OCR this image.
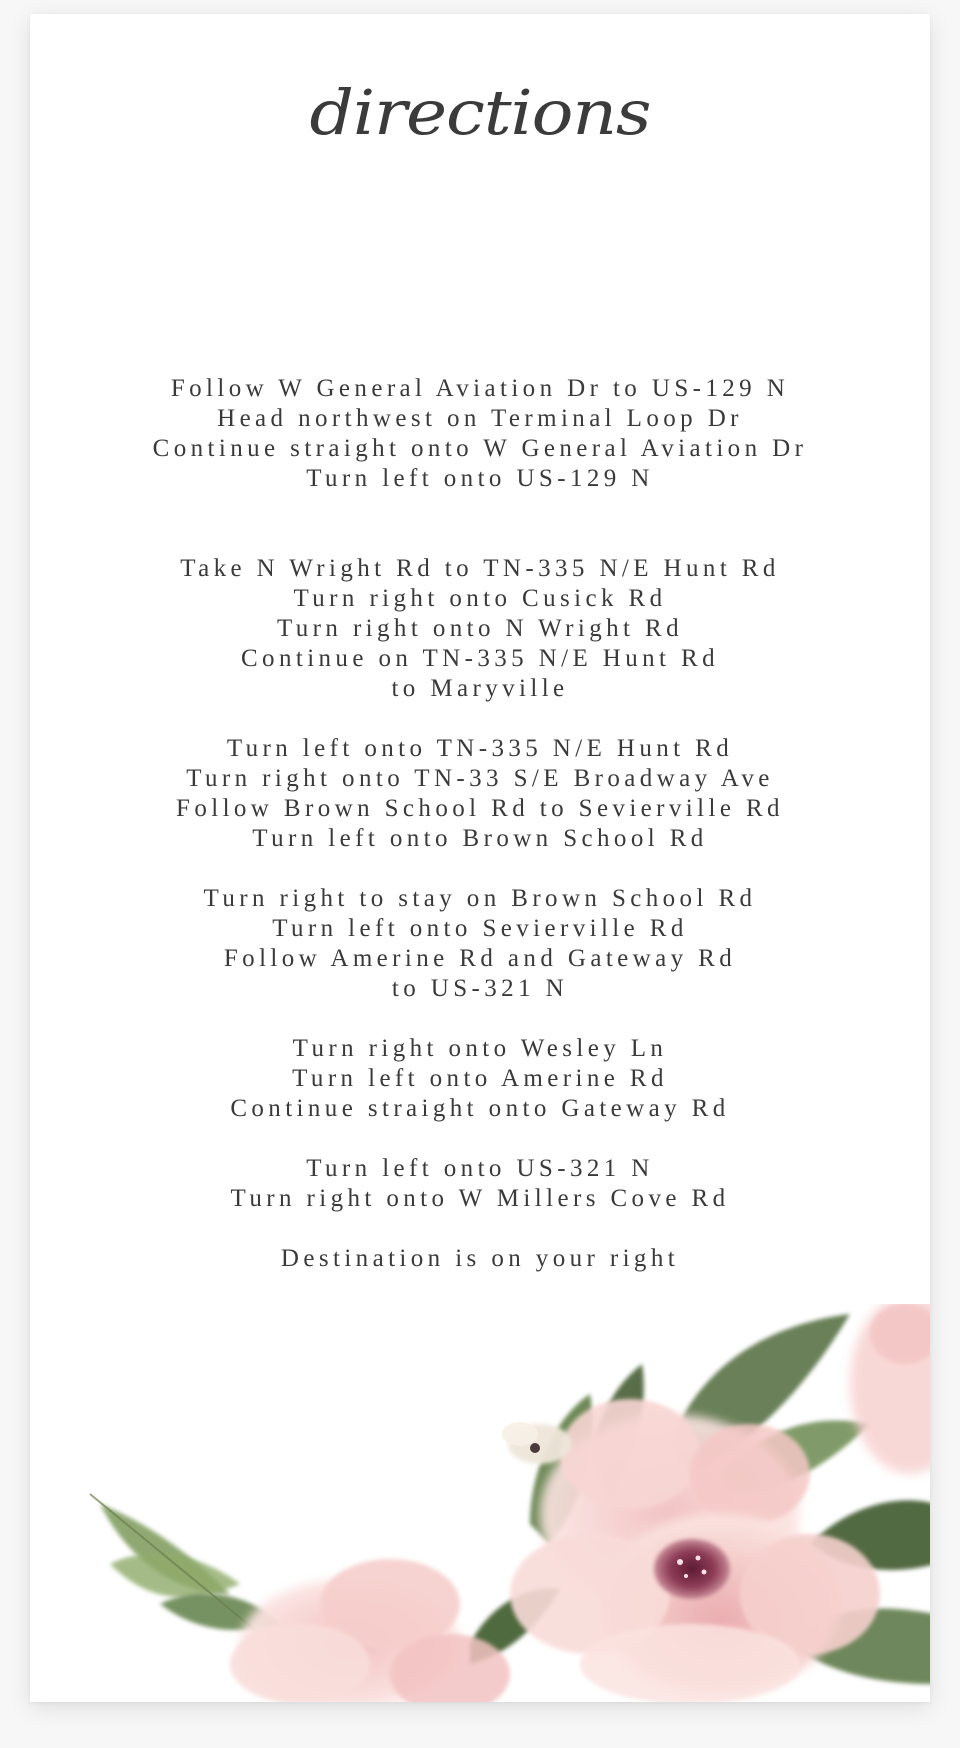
directions
Follow W General Aviation Dr to US-129 N
Head northwest on Terminal Loop Dr
Continue straight onto W General Aviation Dr
Turn left onto US-129 N
Take N Wright Rd to TN-335 N/E Hunt Rd
Turn right onto Cusick Rd
Turn right onto N Wright Rd
Continue on TN-335 N/E Hunt Rd
to Maryville
Turn left onto TN-335 N/E Hunt Rd
Turn right onto TN-33 S/E Broadway Ave
Follow Brown School Rd to Sevierville Rd
Turn left onto Brown School Rd
Turn right to stay on Brown School Rd
Turn left onto Sevierville Rd
Follow Amerine Rd and Gateway Rd
to US-321 N
Turn right onto Wesley Ln
Turn left onto Amerine Rd
Continue straight onto Gateway Rd
Turn left onto US-321 N
Turn right onto W Millers Cove Rd
Destination is on your right
